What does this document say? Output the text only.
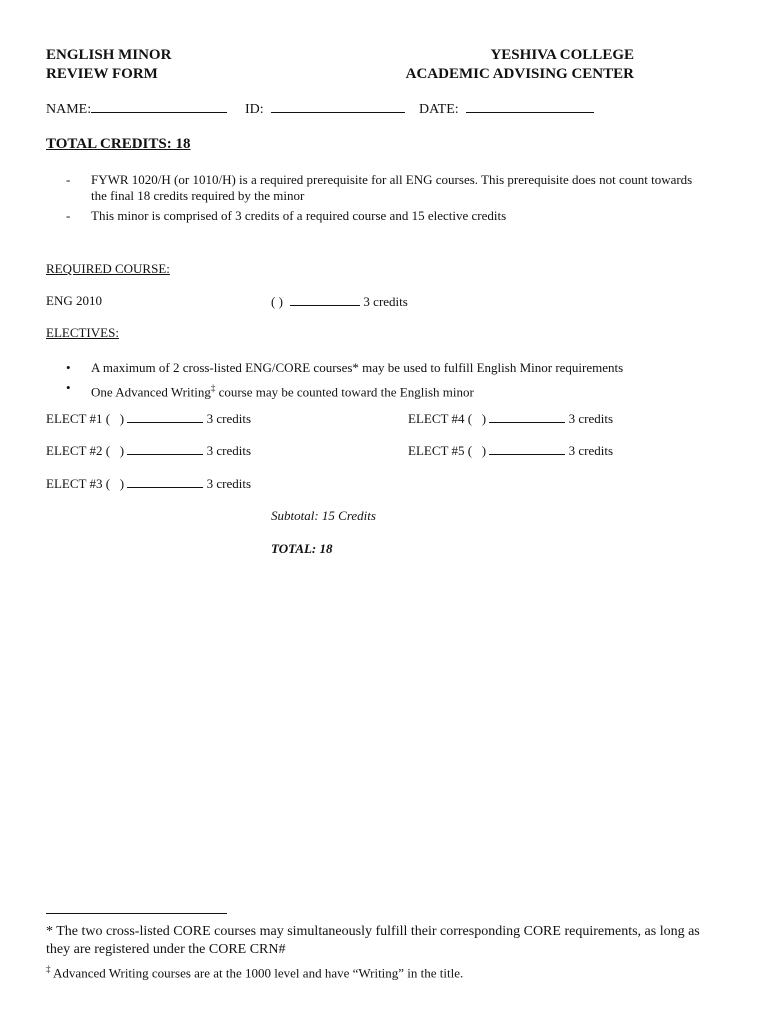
ENGLISH MINOR
REVIEW FORM
YESHIVA COLLEGE
ACADEMIC ADVISING CENTER
NAME:	ID:	DATE:
TOTAL CREDITS: 18
- FYWR 1020/H (or 1010/H) is a required prerequisite for all ENG courses. This prerequisite does not count towards the final 18 credits required by the minor
- This minor is comprised of 3 credits of a required course and 15 elective credits
REQUIRED COURSE:
ENG 2010	( )	3 credits
ELECTIVES:
• A maximum of 2 cross-listed ENG/CORE courses* may be used to fulfill English Minor requirements
• One Advanced Writing‡ course may be counted toward the English minor
ELECT #1 ( )	3 credits
ELECT #2 ( )	3 credits
ELECT #3 ( )	3 credits
ELECT #4 ( )	3 credits
ELECT #5 ( )	3 credits
Subtotal: 15 Credits
TOTAL: 18
* The two cross-listed CORE courses may simultaneously fulfill their corresponding CORE requirements, as long as they are registered under the CORE CRN#
‡ Advanced Writing courses are at the 1000 level and have “Writing” in the title.
